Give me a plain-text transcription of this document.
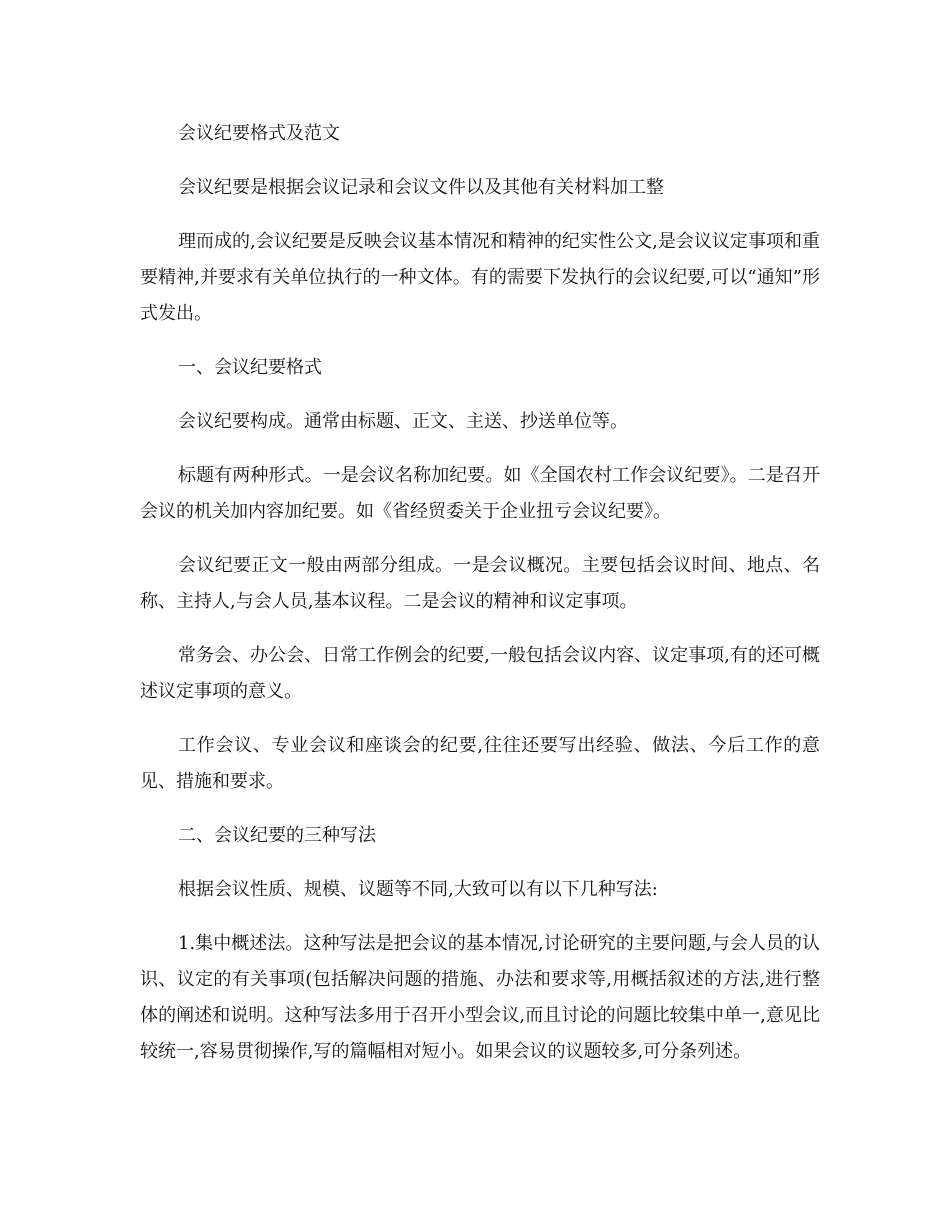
会议纪要格式及范文

会议纪要是根据会议记录和会议文件以及其他有关材料加工整

理而成的,会议纪要是反映会议基本情况和精神的纪实性公文,是会议议定事项和重要精神,并要求有关单位执行的一种文体。有的需要下发执行的会议纪要,可以“通知”形式发出。

一、会议纪要格式

会议纪要构成。通常由标题、正文、主送、抄送单位等。

标题有两种形式。一是会议名称加纪要。如《全国农村工作会议纪要》。二是召开会议的机关加内容加纪要。如《省经贸委关于企业扭亏会议纪要》。

会议纪要正文一般由两部分组成。一是会议概况。主要包括会议时间、地点、名称、主持人,与会人员,基本议程。二是会议的精神和议定事项。

常务会、办公会、日常工作例会的纪要,一般包括会议内容、议定事项,有的还可概述议定事项的意义。

工作会议、专业会议和座谈会的纪要,往往还要写出经验、做法、今后工作的意见、措施和要求。

二、会议纪要的三种写法

根据会议性质、规模、议题等不同,大致可以有以下几种写法:

1.集中概述法。这种写法是把会议的基本情况,讨论研究的主要问题,与会人员的认识、议定的有关事项(包括解决问题的措施、办法和要求等,用概括叙述的方法,进行整体的阐述和说明。这种写法多用于召开小型会议,而且讨论的问题比较集中单一,意见比较统一,容易贯彻操作,写的篇幅相对短小。如果会议的议题较多,可分条列述。
